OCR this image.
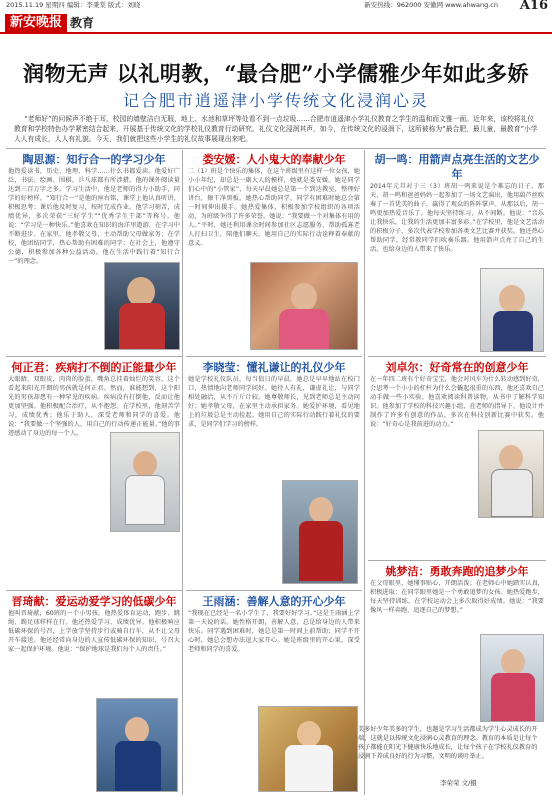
2015.11.19 星期四 编辑：李秉棠 版式：刘晓	新安热线：962000 安徽网 www.ahwang.cn A16
新安晚报 教育
润物无声 以礼明教，“最合肥”小学儒雅少年如此多娇
记合肥市逍遥津小学传统文化浸润心灵
“老师好”的问候声不绝于耳，校园的墙壁洁白无瑕，地上、水池和草坪等处看不到一点垃圾……合肥市逍遥津小学礼仪教育之学生的温和而文雅一面。近年来，该校将礼仪教育和学校特色办学紧密结合起来，开展基于传统文化的学校礼仪教育行动研究。礼仪文化浸润其声，如今，在传统文化的浸润下，这所被称为“最合肥，最儿童，最教育”小学人人有成长，人人有礼貌。今天，我们就把这些小学生的礼仪故事展现出来吧。
陶思源：知行合一的学习少年
他热爱读书，历史、地理、科学……什么书都爱读。他爱好广泛，书法、绘画、围棋、乒乓球都有所涉猎。他的课外阅读量达到三百万字之多。学习生活中，他是老师的得力小助手，同学的好榜样。“知行合一”是他的座右铭，课堂上他认真听讲，积极思考；课后他及时复习，按时完成作业。他学习刻苦，成绩优异，多次荣获“三好学生”“优秀学生干部”等称号。他说：“学习是一种快乐。”他喜欢在知识的海洋里遨游，在学习中不断进步。在家里，他孝敬父母，主动帮助父母做家务；在学校，他团结同学，热心帮助有困难的同学；在社会上，他遵守公德，积极参加各种公益活动。他在生活中践行着“知行合一”的理念。
娄安媛：人小鬼大的奉献少年
二（1）班是个快乐的集体，在这个班级里有这样一位女孩，她小小年纪，却总是一副大人的模样，她就是娄安媛。她是同学们心中的“小管家”，每天早晨她总是第一个到达教室，整理好讲台，擦干净黑板。她热心帮助同学，同学有困难时她总会第一时间伸出援手。她热爱集体，积极参加学校组织的各项活动，为班级争得了许多荣誉。她说：“我要做一个对集体有用的人。”平时，她还利用课余时间参加社区志愿服务，帮助孤寡老人打扫卫生，陪他们聊天。她用自己的实际行动诠释着奉献的意义。
胡一鸣：用箭声点亮生活的文艺少年
2014年元旦对于三（3）班胡一鸣来说是个难忘的日子。那天，胡一鸣和爸爸妈妈一起参加了一场文艺演出，他用葫芦丝吹奏了一首优美的曲子，赢得了观众的阵阵掌声。从那以后，胡一鸣更加热爱音乐了。他每天坚持练习，从不间断。他说：“音乐让我快乐，让我的生活更加丰富多彩。”在学校里，他是文艺活动的积极分子，多次代表学校参加各类文艺比赛并获奖。他还热心帮助同学，经常教同学们吹奏乐器。他用箭声点亮了自己的生活，也给身边的人带来了快乐。
何正君：疾病打不倒的正能量少年
大眼睛，双眼皮，肉肉的脸蛋，嘴角总挂着灿烂的笑容，这个看起来阳光开朗的男孩就是何正君。然而，谁能想到，这个阳光的男孩却患有一种罕见的疾病。疾病没有打倒他，反而让他更加坚强。他积极配合治疗，从不抱怨。在学校里，他刻苦学习，成绩优秀；他乐于助人，深受老师和同学的喜爱。他说：“我要做一个坚强的人，用自己的行动传递正能量。”他的事迹感动了身边的每一个人。
李晓莹：懂礼谦让的礼仪少年
她是学校礼仪队员，每当值日的早晨，她总是早早地站在校门口，热情地向老师同学问好。她待人有礼，谦虚礼让，与同学相处融洽，从不斤斤计较。她尊敬师长，见到老师总是主动问好；她孝敬父母，在家里主动承担家务。她爱护环境，看见地上的垃圾总是主动捡起。她用自己的实际行动践行着礼仪的要求，是同学们学习的榜样。
刘卓尔：好奇常在的创意少年
在一年四二班有个好奇宝宝，他会对风车为什么转动感到好奇，会思考一个小小的杠杆为什么会撬起很重的东西，他还喜欢自己动手做一些小实验。他喜欢阅读科普读物，从书中了解科学知识。他参加了学校的科技兴趣小组，在老师的指导下，他设计并制作了许多有创意的作品，多次在科技创新比赛中获奖。他说：“好奇心是我前进的动力。”
晋琦献：爱运动爱学习的低碳少年
他叫晋琦献，60班的一个小男孩，他热爱体育运动，跑步、跳绳、踢足球样样在行。他还热爱学习，成绩优异。他积极响应低碳环保的号召，上学放学坚持步行或骑自行车，从不让父母开车接送。他还经常向身边的人宣传低碳环保的知识，号召大家一起保护环境。他说：“保护地球是我们每个人的责任。”
王雨涵：善解人意的开心少年
“我现在已经是一名小学生了，我要好好学习。”这是王雨涵上学第一天说的话。她性格开朗，善解人意，总是给身边的人带来快乐。同学遇到困难时，她总是第一时间上前帮助；同学不开心时，她总会想办法逗大家开心。她是班级里的开心果，深受老师和同学的喜爱。
姚梦洁：勇敢奔跑的追梦少年
在父母眼里，她懂事贴心，开朗活泼；在老师心中她踏实认真，积极进取；在同学眼里她是一个勇敢追梦的女孩。她热爱跑步，每天坚持训练，在学校运动会上多次取得好成绩。她说：“我要像风一样奔跑，追逐自己的梦想。”
美多好少年美多的学生，也题是学习生活都成为学生心灵成长的开端，这就是以传统文化浸润心灵教育的理念。教育的本质是让每个孩子都能在阳光下健康快乐地成长，让每个孩子在学校礼仪教育的浸润下养成良好的行为习惯，文明的谈吐举止。
李荣荣 文/摄
